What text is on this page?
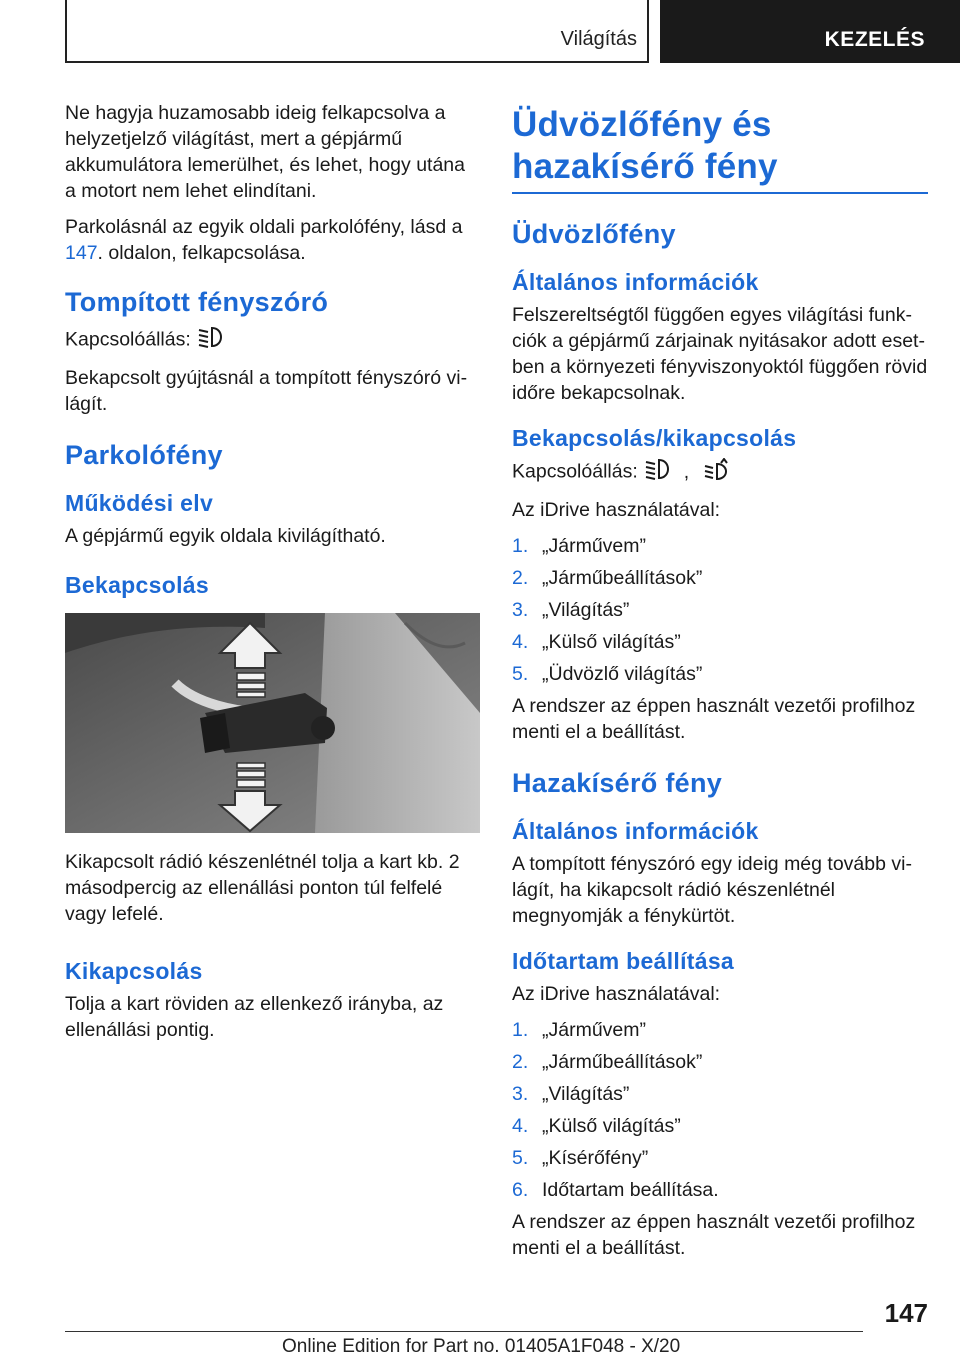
Világítás	KEZELÉS

Ne hagyja huzamosabb ideig felkapcsolva a helyzetjelző világítást, mert a gépjármű akkumulátora lemerülhet, és lehet, hogy utána a motort nem lehet elindítani.

Parkolásnál az egyik oldali parkolófény, lásd a 147. oldalon, felkapcsolása.

Tompított fényszóró

Kapcsolóállás:

Bekapcsolt gyújtásnál a tompított fényszóró világít.

Parkolófény
Működési elv

A gépjármű egyik oldala kivilágítható.

Bekapcsolás

Kikapcsolt rádió készenlétnél tolja a kart kb. 2 másodpercig az ellenállási ponton túl felfelé vagy lefelé.

Kikapcsolás

Tolja a kart röviden az ellenkező irányba, az ellenállási pontig.

Üdvözlőfény és hazakísérő fény
Üdvözlőfény
Általános információk

Felszereltségtől függően egyes világítási funkciók a gépjármű zárjainak nyitásakor adott esetben a környezeti fényviszonyoktól függően rövid időre bekapcsolnak.

Bekapcsolás/kikapcsolás

Kapcsolóállás: ,

Az iDrive használatával:

1. „Járművem”
2. „Járműbeállítások”
3. „Világítás”
4. „Külső világítás”
5. „Üdvözlő világítás”

A rendszer az éppen használt vezetői profilhoz menti el a beállítást.

Hazakísérő fény
Általános információk

A tompított fényszóró egy ideig még tovább világít, ha kikapcsolt rádió készenlétnél megnyomják a fénykürtöt.

Időtartam beállítása

Az iDrive használatával:

1. „Járművem”
2. „Járműbeállítások”
3. „Világítás”
4. „Külső világítás”
5. „Kísérőfény”
6. Időtartam beállítása.

A rendszer az éppen használt vezetői profilhoz menti el a beállítást.

147
Online Edition for Part no. 01405A1F048 - X/20
